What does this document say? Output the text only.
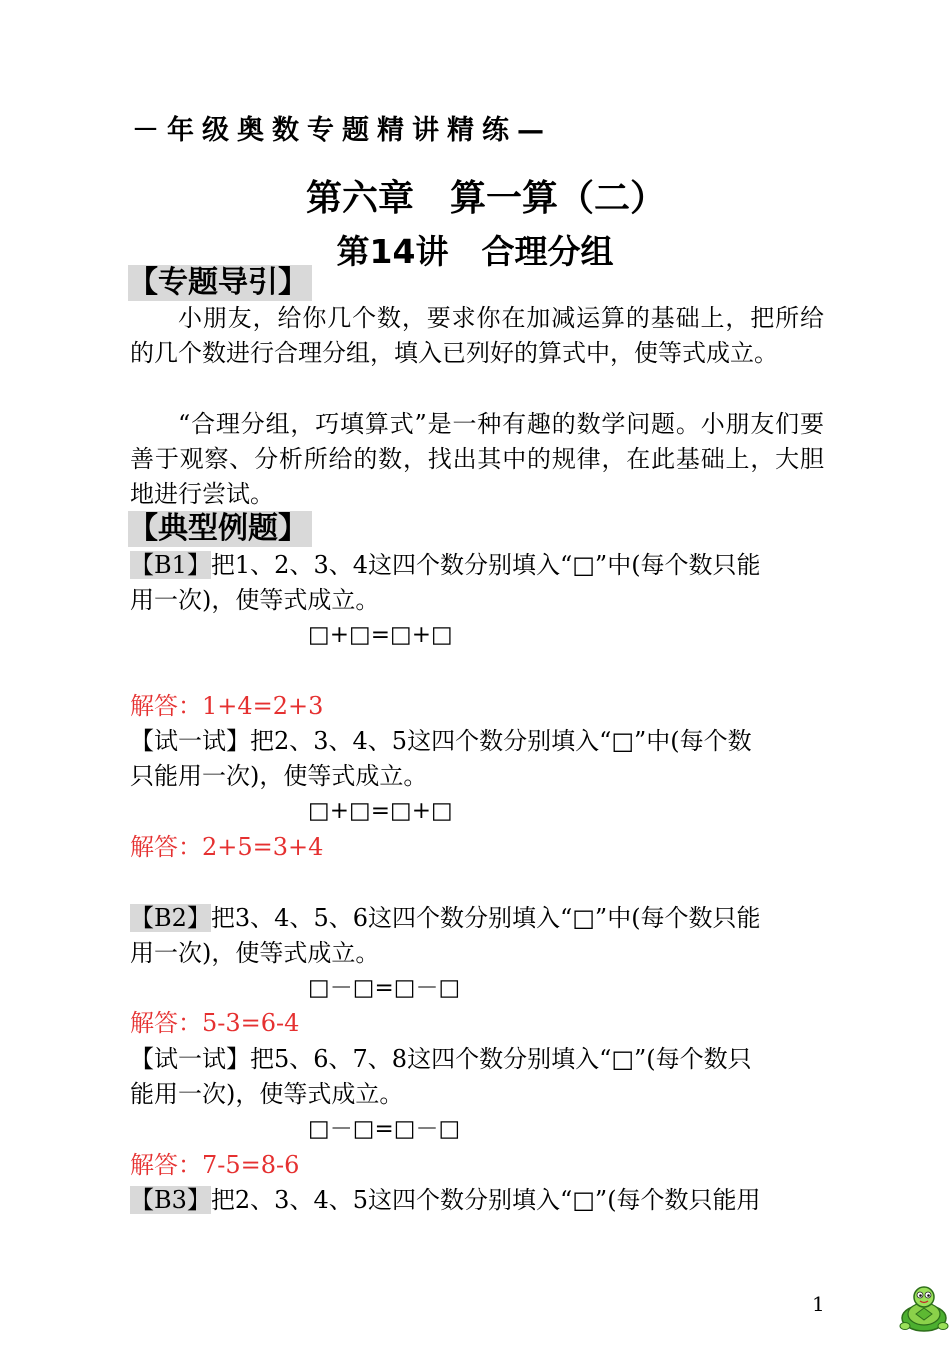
－年级奥数专题精讲精练—
第六章　算一算（二）
第14讲　合理分组
【专题导引】
小朋友，给你几个数，要求你在加减运算的基础上，把所给的几个数进行合理分组，填入已列好的算式中，使等式成立。
“合理分组，巧填算式”是一种有趣的数学问题。小朋友们要善于观察、分析所给的数，找出其中的规律，在此基础上，大胆地进行尝试。
【典型例题】
【B1】把1、2、3、4这四个数分别填入“□”中(每个数只能
用一次)，使等式成立。
□+□=□+□
解答：1+4=2+3
【试一试】把2、3、4、5这四个数分别填入“□”中(每个数
只能用一次)，使等式成立。
□+□=□+□
解答：2+5=3+4
【B2】把3、4、5、6这四个数分别填入“□”中(每个数只能
用一次)，使等式成立。
□－□=□－□
解答：5-3=6-4
【试一试】把5、6、7、8这四个数分别填入“□”(每个数只
能用一次)，使等式成立。
□－□=□－□
解答：7-5=8-6
【B3】把2、3、4、5这四个数分别填入“□”(每个数只能用
1
